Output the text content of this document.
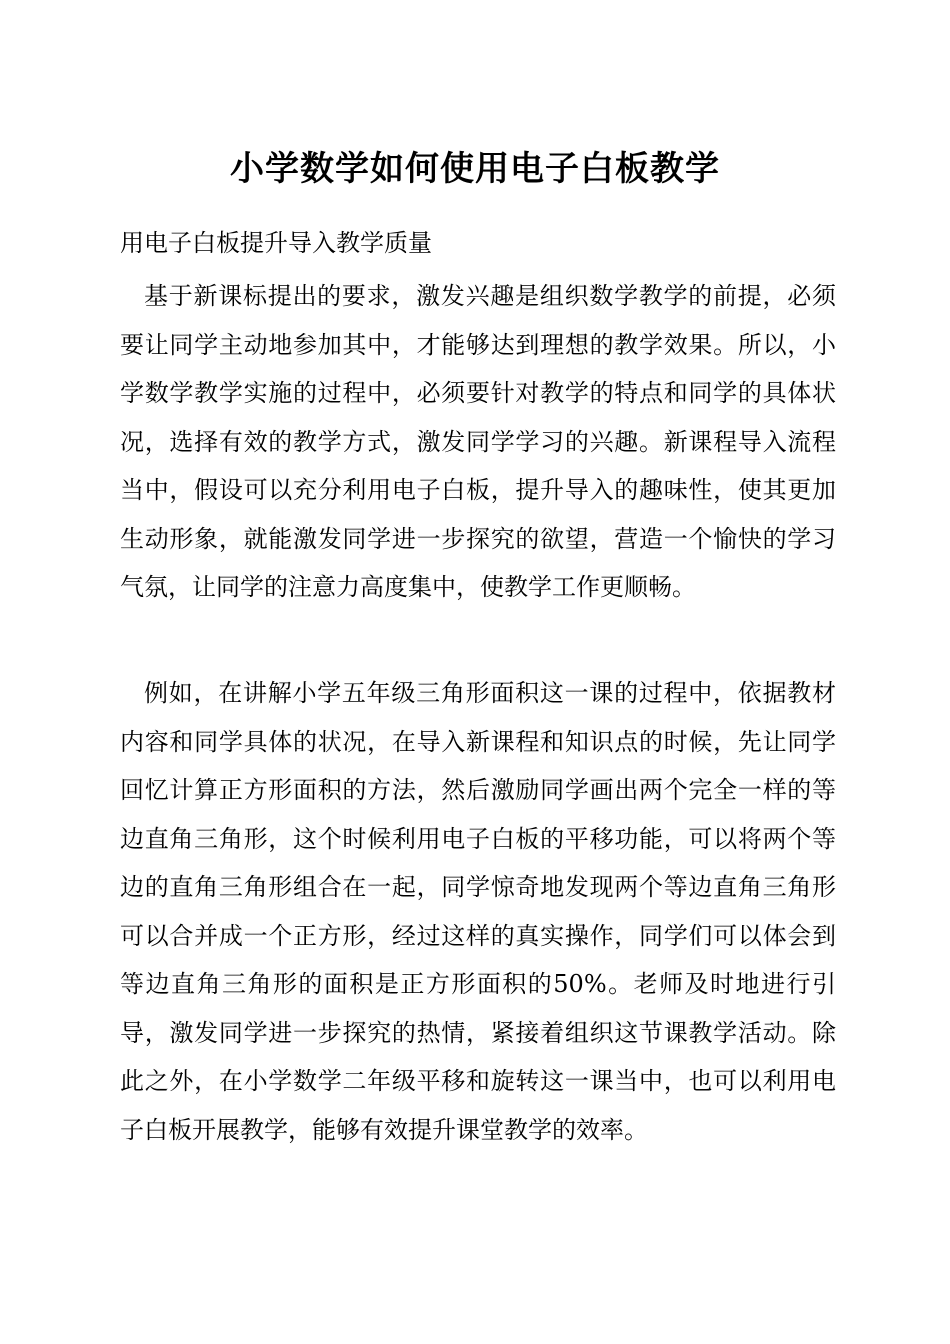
小学数学如何使用电子白板教学
用电子白板提升导入教学质量

基于新课标提出的要求，激发兴趣是组织数学教学的前提，必须要让同学主动地参加其中，才能够达到理想的教学效果。所以，小学数学教学实施的过程中，必须要针对教学的特点和同学的具体状况，选择有效的教学方式，激发同学学习的兴趣。新课程导入流程当中，假设可以充分利用电子白板，提升导入的趣味性，使其更加生动形象，就能激发同学进一步探究的欲望，营造一个愉快的学习气氛，让同学的注意力高度集中，使教学工作更顺畅。

例如，在讲解小学五年级三角形面积这一课的过程中，依据教材内容和同学具体的状况，在导入新课程和知识点的时候，先让同学回忆计算正方形面积的方法，然后激励同学画出两个完全一样的等边直角三角形，这个时候利用电子白板的平移功能，可以将两个等边的直角三角形组合在一起，同学惊奇地发现两个等边直角三角形可以合并成一个正方形，经过这样的真实操作，同学们可以体会到等边直角三角形的面积是正方形面积的50%。老师及时地进行引导，激发同学进一步探究的热情，紧接着组织这节课教学活动。除此之外，在小学数学二年级平移和旋转这一课当中，也可以利用电子白板开展教学，能够有效提升课堂教学的效率。
